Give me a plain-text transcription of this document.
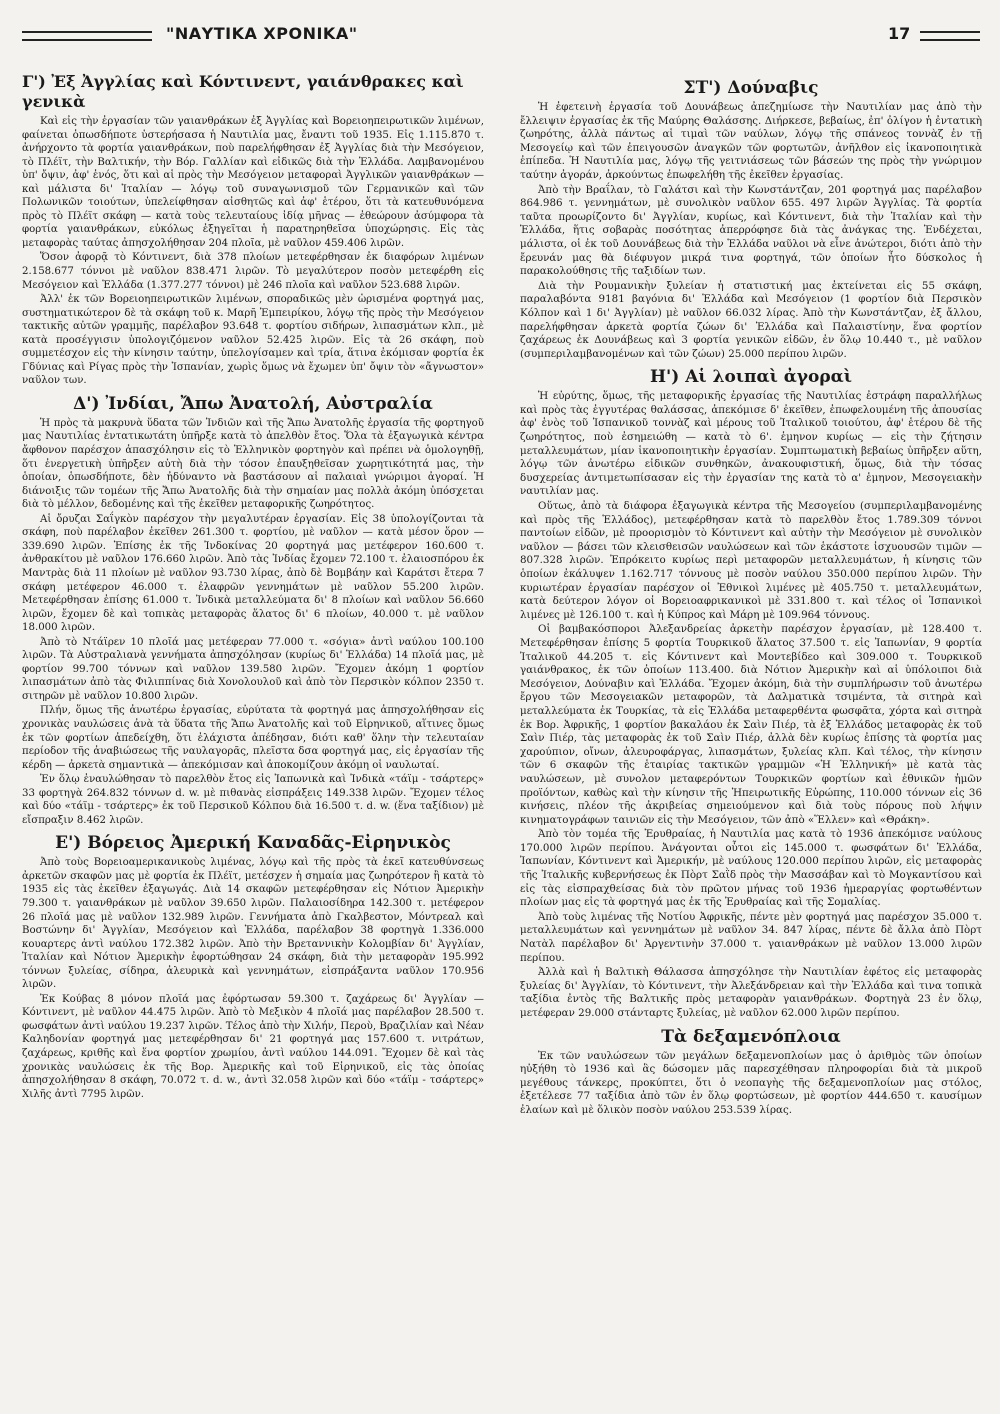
"ΝΑΥΤΙΚΑ ΧΡΟΝΙΚΑ"	17
Γ') Ἐξ Ἀγγλίας καὶ Κόντινεντ, γαιάνθρακες καὶ γενικὰ

Καὶ εἰς τὴν ἐργασίαν τῶν γαιανθράκων ἐξ Ἀγγλίας καὶ Βορειοηπειρωτικῶν λιμένων, φαίνεται ὁπωσδήποτε ὑστερήσασα ἡ Ναυτιλία μας, ἔναντι τοῦ 1935. Εἰς 1.115.870 τ. ἀνήρχοντο τὰ φορτία γαιανθράκων, ποὺ παρελήφθησαν ἐξ Ἀγγλίας διὰ τὴν Μεσόγειον, τὸ Πλέϊτ, τὴν Βαλτικήν, τὴν Βόρ. Γαλλίαν καὶ εἰδικῶς διὰ τὴν Ἑλλάδα. Λαμβανομένου ὑπ' ὄψιν, ἀφ' ἑνός, ὅτι καὶ αἱ πρὸς τὴν Μεσόγειον μεταφοραὶ Ἀγγλικῶν γαιανθράκων — καὶ μάλιστα δι' Ἰταλίαν — λόγῳ τοῦ συναγωνισμοῦ τῶν Γερμανικῶν καὶ τῶν Πολωνικῶν τοιούτων, ὑπελείφθησαν αἰσθητῶς καὶ ἀφ' ἑτέρου, ὅτι τὰ κατευθυνόμενα πρὸς τὸ Πλέϊτ σκάφη — κατὰ τοὺς τελευταίους ἰδίᾳ μῆνας — ἐθεώρουν ἀσύμφορα τὰ φορτία γαιανθράκων, εὐκόλως ἐξηγεῖται ἡ παρατηρηθεῖσα ὑποχώρησις. Εἰς τὰς μεταφορὰς ταύτας ἀπησχολήθησαν 204 πλοῖα, μὲ ναῦλον 459.406 λιρῶν.

Ὅσον ἀφορᾷ τὸ Κόντινεντ, διὰ 378 πλοίων μετεφέρθησαν ἐκ διαφόρων λιμένων 2.158.677 τόννοι μὲ ναῦλον 838.471 λιρῶν. Τὸ μεγαλύτερον ποσὸν μετεφέρθη εἰς Μεσόγειον καὶ Ἑλλάδα (1.377.277 τόννοι) μὲ 246 πλοῖα καὶ ναῦλον 523.688 λιρῶν.

Ἀλλ' ἐκ τῶν Βορειοηπειρωτικῶν λιμένων, σποραδικῶς μὲν ὡρισμένα φορτηγά μας, συστηματικώτερον δὲ τὰ σκάφη τοῦ κ. Μαρῆ Ἐμπειρίκου, λόγῳ τῆς πρὸς τὴν Μεσόγειον τακτικῆς αὐτῶν γραμμῆς, παρέλαβον 93.648 τ. φορτίου σιδήρων, λιπασμάτων κλπ., μὲ κατὰ προσέγγισιν ὑπολογιζόμενον ναῦλον 52.425 λιρῶν. Εἰς τὰ 26 σκάφη, ποὺ συμμετέσχον εἰς τὴν κίνησιν ταύτην, ὑπελογίσαμεν καὶ τρία, ἅτινα ἐκόμισαν φορτία ἐκ Γδύνιας καὶ Ρίγας πρὸς τὴν Ἱσπανίαν, χωρὶς ὅμως νὰ ἔχωμεν ὑπ' ὄψιν τὸν «ἄγνωστον» ναῦλον των.

Δ') Ἰνδίαι, Ἄπω Ἀνατολή, Αὐστραλία

Ἡ πρὸς τὰ μακρυνὰ ὕδατα τῶν Ἰνδιῶν καὶ τῆς Ἄπω Ἀνατολῆς ἐργασία τῆς φορτηγοῦ μας Ναυτιλίας ἐντατικωτάτη ὑπῆρξε κατὰ τὸ ἀπελθὸν ἔτος. Ὅλα τὰ ἐξαγωγικὰ κέντρα ἄφθονον παρέσχον ἀπασχόλησιν εἰς τὸ Ἑλληνικὸν φορτηγὸν καὶ πρέπει νὰ ὁμολογηθῇ, ὅτι ἐνεργετικὴ ὑπῆρξεν αὐτὴ διὰ τὴν τόσον ἐπαυξηθεῖσαν χωρητικότητά μας, τὴν ὁποίαν, ὁπωσδήποτε, δὲν ἠδύναντο νὰ βαστάσουν αἱ παλαιαὶ γνώριμοι ἀγοραί. Ἡ διάνοιξις τῶν τομέων τῆς Ἄπω Ἀνατολῆς διὰ τὴν σημαίαν μας πολλὰ ἀκόμη ὑπόσχεται διὰ τὸ μέλλον, δεδομένης καὶ τῆς ἐκεῖθεν μεταφορικῆς ζωηρότητος.

Αἱ ὄρυζαι Σαΐγκὸν παρέσχον τὴν μεγαλυτέραν ἐργασίαν. Εἰς 38 ὑπολογίζονται τὰ σκάφη, ποὺ παρέλαβον ἐκεῖθεν 261.300 τ. φορτίου, μὲ ναῦλον — κατὰ μέσον ὅρον — 339.690 λιρῶν. Ἐπίσης ἐκ τῆς Ἰνδοκίνας 20 φορτηγά μας μετέφερον 160.600 τ. ἀνθρακίτου μὲ ναῦλον 176.660 λιρῶν. Ἀπὸ τὰς Ἰνδίας ἔχομεν 72.100 τ. ἐλαιοσπόρου ἐκ Μαντρὰς διὰ 11 πλοίων μὲ ναῦλον 93.730 λίρας, ἀπὸ δὲ Βομβάην καὶ Καράτσι ἔτερα 7 σκάφη μετέφερον 46.000 τ. ἐλαφρῶν γεννημάτων μὲ ναῦλον 55.200 λιρῶν. Μετεφέρθησαν ἐπίσης 61.000 τ. Ἰνδικὰ μεταλλεύματα δι' 8 πλοίων καὶ ναῦλον 56.660 λιρῶν, ἔχομεν δὲ καὶ τοπικὰς μεταφορὰς ἅλατος δι' 6 πλοίων, 40.000 τ. μὲ ναῦλον 18.000 λιρῶν.

Ἀπὸ τὸ Ντάϊρεν 10 πλοῖά μας μετέφεραν 77.000 τ. «σόγια» ἀντὶ ναύλου 100.100 λιρῶν. Τὰ Αὐστραλιανὰ γεννήματα ἀπησχόλησαν (κυρίως δι' Ἑλλάδα) 14 πλοῖά μας, μὲ φορτίον 99.700 τόννων καὶ ναῦλον 139.580 λιρῶν. Ἔχομεν ἀκόμη 1 φορτίον λιπασμάτων ἀπὸ τὰς Φιλιππίνας διὰ Χονολουλοῦ καὶ ἀπὸ τὸν Περσικὸν κόλπον 2350 τ. σιτηρῶν μὲ ναῦλον 10.800 λιρῶν.

Πλήν, ὅμως τῆς ἀνωτέρω ἐργασίας, εὐρύτατα τὰ φορτηγά μας ἀπησχολήθησαν εἰς χρονικὰς ναυλώσεις ἀνὰ τὰ ὕδατα τῆς Ἄπω Ἀνατολῆς καὶ τοῦ Εἰρηνικοῦ, αἵτινες ὅμως ἐκ τῶν φορτίων ἀπεδείχθη, ὅτι ἐλάχιστα ἀπέδησαν, διότι καθ' ὅλην τὴν τελευταίαν περίοδον τῆς ἀναβιώσεως τῆς ναυλαγορᾶς, πλεῖστα δσα φορτηγά μας, εἰς ἐργασίαν τῆς κέρδη — ἀρκετὰ σημαντικὰ — ἀπεκόμισαν καὶ ἀποκομίζουν ἀκόμη οἱ ναυλωταί.

Ἐν ὅλῳ ἐναυλώθησαν τὸ παρελθὸν ἔτος εἰς Ἰαπωνικὰ καὶ Ἰνδικὰ «τάϊμ - τσάρτερς» 33 φορτηγὰ 264.832 τόννων d. w. μὲ πιθανὰς εἰσπράξεις 149.338 λιρῶν. Ἔχομεν τέλος καὶ δύο «τάϊμ - τσάρτερς» ἐκ τοῦ Περσικοῦ Κόλπου διὰ 16.500 τ. d. w. (ἕνα ταξίδιον) μὲ εἴσπραξιν 8.462 λιρῶν.

Ε') Βόρειος Ἀμερική Καναδᾶς-Εἰρηνικὸς

Ἀπὸ τοὺς Βορειοαμερικανικοὺς λιμένας, λόγῳ καὶ τῆς πρὸς τὰ ἐκεῖ κατευθύνσεως ἀρκετῶν σκαφῶν μας μὲ φορτία ἐκ Πλέϊτ, μετέσχεν ἡ σημαία μας ζωηρότερον ἢ κατὰ τὸ 1935 εἰς τὰς ἐκεῖθεν ἐξαγωγάς. Διὰ 14 σκαφῶν μετεφέρθησαν εἰς Νότιον Ἀμερικὴν 79.300 τ. γαιανθράκων μὲ ναῦλον 39.650 λιρῶν. Παλαιοσίδηρα 142.300 τ. μετέφερον 26 πλοῖά μας μὲ ναῦλον 132.989 λιρῶν. Γεννήματα ἀπὸ Γκαλβεστον, Μόντρεαλ καὶ Βοστώνην δι' Ἀγγλίαν, Μεσόγειον καὶ Ἑλλάδα, παρέλαβον 38 φορτηγὰ 1.336.000 κουαρτερς ἀντὶ ναύλου 172.382 λιρῶν. Ἀπὸ τὴν Βρεταννικὴν Κολομβίαν δι' Ἀγγλίαν, Ἰταλίαν καὶ Νότιον Ἀμερικὴν ἐφορτώθησαν 24 σκάφη, διὰ τὴν μεταφορὰν 195.992 τόννων ξυλείας, σίδηρα, ἀλευρικὰ καὶ γεννημάτων, εἰσπράξαντα ναῦλον 170.956 λιρῶν.

Ἐκ Κούβας 8 μόνον πλοῖά μας ἐφόρτωσαν 59.300 τ. ζαχάρεως δι' Ἀγγλίαν — Κόντινεντ, μὲ ναῦλον 44.475 λιρῶν. Ἀπὸ τὸ Μεξικὸν 4 πλοῖά μας παρέλαβον 28.500 τ. φωσφάτων ἀντὶ ναύλου 19.237 λιρῶν. Τέλος ἀπὸ τὴν Χιλήν, Περοὺ, Βραζιλίαν καὶ Νέαν Καληδονίαν φορτηγά μας μετεφέρθησαν δι' 21 φορτηγά μας 157.600 τ. νιτράτων, ζαχάρεως, κριθῆς καὶ ἕνα φορτίον χρωμίου, ἀντὶ ναύλου 144.091. Ἔχομεν δὲ καὶ τὰς χρονικὰς ναυλώσεις ἐκ τῆς Βορ. Ἀμερικῆς καὶ τοῦ Εἰρηνικοῦ, εἰς τὰς ὁποίας ἀπησχολήθησαν 8 σκάφη, 70.072 τ. d. w., ἀντὶ 32.058 λιρῶν καὶ δύο «τάϊμ - τσάρτερς» Χιλῆς ἀντὶ 7795 λιρῶν.

ΣΤ') Δούναβις

Ἡ ἐφετεινὴ ἐργασία τοῦ Δουνάβεως ἀπεζημίωσε τὴν Ναυτιλίαν μας ἀπὸ τὴν ἔλλειψιν ἐργασίας ἐκ τῆς Μαύρης Θαλάσσης. Διήρκεσε, βεβαίως, ἐπ' ὀλίγον ἡ ἐντατικὴ ζωηρότης, ἀλλὰ πάντως αἱ τιμαὶ τῶν ναύλων, λόγῳ τῆς σπάνεος τοννὰζ ἐν τῇ Μεσογείῳ καὶ τῶν ἐπειγουσῶν ἀναγκῶν τῶν φορτωτῶν, ἀνῆλθον εἰς ἱκανοποιητικὰ ἐπίπεδα. Ἡ Ναυτιλία μας, λόγῳ τῆς γειτνιάσεως τῶν βάσεών της πρὸς τὴν γνώριμον ταύτην ἀγοράν, ἀρκούντως ἐπωφελήθη τῆς ἐκεῖθεν ἐργασίας.

Ἀπὸ τὴν Βραΐλαν, τὸ Γαλάτσι καὶ τὴν Κωνστάντζαν, 201 φορτηγά μας παρέλαβον 864.986 τ. γεννημάτων, μὲ συνολικὸν ναῦλον 655. 497 λιρῶν Ἀγγλίας. Τὰ φορτία ταῦτα προωρίζοντο δι' Ἀγγλίαν, κυρίως, καὶ Κόντινεντ, διὰ τὴν Ἰταλίαν καὶ τὴν Ἑλλάδα, ἥτις σοβαρὰς ποσότητας ἀπερρόφησε διὰ τὰς ἀνάγκας της. Ἐνδέχεται, μάλιστα, οἱ ἐκ τοῦ Δουνάβεως διὰ τὴν Ἑλλάδα ναῦλοι νὰ εἶνε ἀνώτεροι, διότι ἀπὸ τὴν ἔρευνάν μας θὰ διέφυγον μικρά τινα φορτηγά, τῶν ὁποίων ἦτο δύσκολος ἡ παρακολούθησις τῆς ταξιδίων των.

Διὰ τὴν Ρουμανικὴν ξυλείαν ἡ στατιστική μας ἐκτείνεται εἰς 55 σκάφη, παραλαβόντα 9181 βαγόνια δι' Ἑλλάδα καὶ Μεσόγειον (1 φορτίον διὰ Περσικὸν Κόλπον καὶ 1 δι' Ἀγγλίαν) μὲ ναῦλον 66.032 λίρας. Ἀπὸ τὴν Κωνστάντζαν, ἐξ ἄλλου, παρελήφθησαν ἀρκετὰ φορτία ζώων δι' Ἑλλάδα καὶ Παλαιστίνην, ἕνα φορτίον ζαχάρεως ἐκ Δουνάβεως καὶ 3 φορτία γενικῶν εἰδῶν, ἐν ὅλῳ 10.440 τ., μὲ ναῦλον (συμπεριλαμβανομένων καὶ τῶν ζώων) 25.000 περίπου λιρῶν.

Η') Αἱ λοιπαὶ ἀγοραὶ

Ἡ εὐρύτης, ὅμως, τῆς μεταφορικῆς ἐργασίας τῆς Ναυτιλίας ἐστράφη παραλλήλως καὶ πρὸς τὰς ἐγγυτέρας θαλάσσας, ἀπεκόμισε δ' ἐκεῖθεν, ἐπωφελουμένη τῆς ἀπουσίας ἀφ' ἑνὸς τοῦ Ἱσπανικοῦ τοννὰζ καὶ μέρους τοῦ Ἰταλικοῦ τοιούτου, ἀφ' ἑτέρου δὲ τῆς ζωηρότητος, ποὺ ἐσημειώθη — κατὰ τὸ 6'. ἑμηνον κυρίως — εἰς τὴν ζήτησιν μεταλλευμάτων, μίαν ἱκανοποιητικὴν ἐργασίαν. Συμπτωματικὴ βεβαίως ὑπῆρξεν αὕτη, λόγῳ τῶν ἀνωτέρω εἰδικῶν συνθηκῶν, ἀνακουφιστική, ὅμως, διὰ τὴν τόσας δυσχερείας ἀντιμετωπίσασαν εἰς τὴν ἐργασίαν της κατὰ τὸ α' ἑμηνον, Μεσογειακὴν ναυτιλίαν μας.

Οὕτως, ἀπὸ τὰ διάφορα ἐξαγωγικὰ κέντρα τῆς Μεσογείου (συμπεριλαμβανομένης καὶ πρὸς τῆς Ἑλλάδος), μετεφέρθησαν κατὰ τὸ παρελθὸν ἔτος 1.789.309 τόννοι παντοίων εἰδῶν, μὲ προορισμὸν τὸ Κόντινεντ καὶ αὐτὴν τὴν Μεσόγειον μὲ συνολικὸν ναῦλον — βάσει τῶν κλεισθεισῶν ναυλώσεων καὶ τῶν ἑκάστοτε ἰσχυουσῶν τιμῶν — 807.328 λιρῶν. Ἐπρόκειτο κυρίως περὶ μεταφορῶν μεταλλευμάτων, ἡ κίνησις τῶν ὁποίων ἐκάλυψεν 1.162.717 τόννους μὲ ποσὸν ναύλου 350.000 περίπου λιρῶν. Τὴν κυριωτέραν ἐργασίαν παρέσχον οἱ Ἐθνικοὶ λιμένες μὲ 405.750 τ. μεταλλευμάτων, κατὰ δεύτερον λόγον οἱ Βορειοαφρικανικοὶ μὲ 331.800 τ. καὶ τέλος οἱ Ἱσπανικοὶ λιμένες μὲ 126.100 τ. καὶ ἡ Κύπρος καὶ Μάρη μὲ 109.964 τόννους.

Οἱ βαμβακόσποροι Ἀλεξανδρείας ἀρκετὴν παρέσχον ἐργασίαν, μὲ 128.400 τ. Μετεφέρθησαν ἐπίσης 5 φορτία Τουρκικοῦ ἅλατος 37.500 τ. εἰς Ἰαπωνίαν, 9 φορτία Ἰταλικοῦ 44.205 τ. εἰς Κόντινεντ καὶ Μοντεβίδεο καὶ 309.000 τ. Τουρκικοῦ γαιάνθρακος, ἐκ τῶν ὁποίων 113.400. διὰ Νότιον Ἀμερικὴν καὶ αἱ ὑπόλοιποι διὰ Μεσόγειον, Δούναβιν καὶ Ἑλλάδα. Ἔχομεν ἀκόμη, διὰ τὴν συμπλήρωσιν τοῦ ἀνωτέρω ἔργου τῶν Μεσογειακῶν μεταφορῶν, τὰ Δαλματικὰ τσιμέντα, τὰ σιτηρὰ καὶ μεταλλεύματα ἐκ Τουρκίας, τὰ εἰς Ἑλλάδα μεταφερθέντα φωσφᾶτα, χόρτα καὶ σιτηρὰ ἐκ Βορ. Ἀφρικῆς, 1 φορτίον βακαλάου ἐκ Σαὶν Πιέρ, τὰ ἐξ Ἑλλάδος μεταφορὰς ἐκ τοῦ Σαὶν Πιέρ, τὰς μεταφορὰς ἐκ τοῦ Σαὶν Πιέρ, ἀλλὰ δὲν κυρίως ἐπίσης τὰ φορτία μας χαρούπιον, οἴνων, ἀλευροφάργας, λιπασμάτων, ξυλείας κλπ. Καὶ τέλος, τὴν κίνησιν τῶν 6 σκαφῶν τῆς ἑταιρίας τακτικῶν γραμμῶν «Ἡ Ἑλληνική» μὲ κατὰ τὰς ναυλώσεων, μὲ συνολον μεταφερόντων Τουρκικῶν φορτίων καὶ ἐθνικῶν ἡμῶν προϊόντων, καθὼς καὶ τὴν κίνησιν τῆς Ἠπειρωτικῆς Εὐρώπης, 110.000 τόννων εἰς 36 κινήσεις, πλέον τῆς ἀκριβείας σημειούμενον καὶ διὰ τοὺς πόρους ποὺ λήψιν κινηματογράφων ταινιῶν εἰς τὴν Μεσόγειον, τῶν ἀπὸ «Ἕλλεν» καὶ «Θράκη».

Ἀπὸ τὸν τομέα τῆς Ἐρυθραίας, ἡ Ναυτιλία μας κατὰ τὸ 1936 ἀπεκόμισε ναύλους 170.000 λιρῶν περίπου. Ἀνάγονται οὗτοι εἰς 145.000 τ. φωσφάτων δι' Ἑλλάδα, Ἰαπωνίαν, Κόντινεντ καὶ Ἀμερικήν, μὲ ναύλους 120.000 περίπου λιρῶν, εἰς μεταφορὰς τῆς Ἰταλικῆς κυβερνήσεως ἐκ Πὸρτ Σαῒδ πρὸς τὴν Μασσάβαν καὶ τὸ Μογκαντίσου καὶ εἰς τὰς εἰσπραχθείσας διὰ τὸν πρῶτον μήνας τοῦ 1936 ἡμεραργίας φορτωθέντων πλοίων μας εἰς τὰ φορτηγά μας ἐκ τῆς Ἐρυθραίας καὶ τῆς Σομαλίας.

Ἀπὸ τοὺς λιμένας τῆς Νοτίου Ἀφρικῆς, πέντε μὲν φορτηγά μας παρέσχον 35.000 τ. μεταλλευμάτων καὶ γεννημάτων μὲ ναῦλον 34. 847 λίρας, πέντε δὲ ἄλλα ἀπὸ Πὸρτ Νατὰλ παρέλαβον δι' Ἀργεντινὴν 37.000 τ. γαιανθράκων μὲ ναῦλον 13.000 λιρῶν περίπου.

Ἀλλὰ καὶ ἡ Βαλτικὴ Θάλασσα ἀπησχόλησε τὴν Ναυτιλίαν ἐφέτος εἰς μεταφορὰς ξυλείας δι' Ἀγγλίαν, τὸ Κόντινεντ, τὴν Ἀλεξάνδρειαν καὶ τὴν Ἑλλάδα καὶ τινα τοπικὰ ταξίδια ἐντὸς τῆς Βαλτικῆς πρὸς μεταφορὰν γαιανθράκων. Φορτηγὰ 23 ἐν ὅλῳ, μετέφεραν 29.000 στάνταρτς ξυλείας, μὲ ναῦλον 62.000 λιρῶν περίπου.

Τὰ δεξαμενόπλοια

Ἐκ τῶν ναυλώσεων τῶν μεγάλων δεξαμενοπλοίων μας ὁ ἀριθμὸς τῶν ὁποίων ηὐξήθη τὸ 1936 καὶ ἃς δώσομεν μᾶς παρεσχέθησαν πληροφορίαι διὰ τὰ μικροῦ μεγέθους τάνκερς, προκύπτει, ὅτι ὁ νεοπαγὴς τῆς δεξαμενοπλοίων μας στόλος, ἐξετέλεσε 77 ταξίδια ἀπὸ τῶν ἐν ὅλῳ φορτώσεων, μὲ φορτίον 444.650 τ. καυσίμων ἐλαίων καὶ μὲ ὅλικὸν ποσὸν ναύλου 253.539 λίρας.
